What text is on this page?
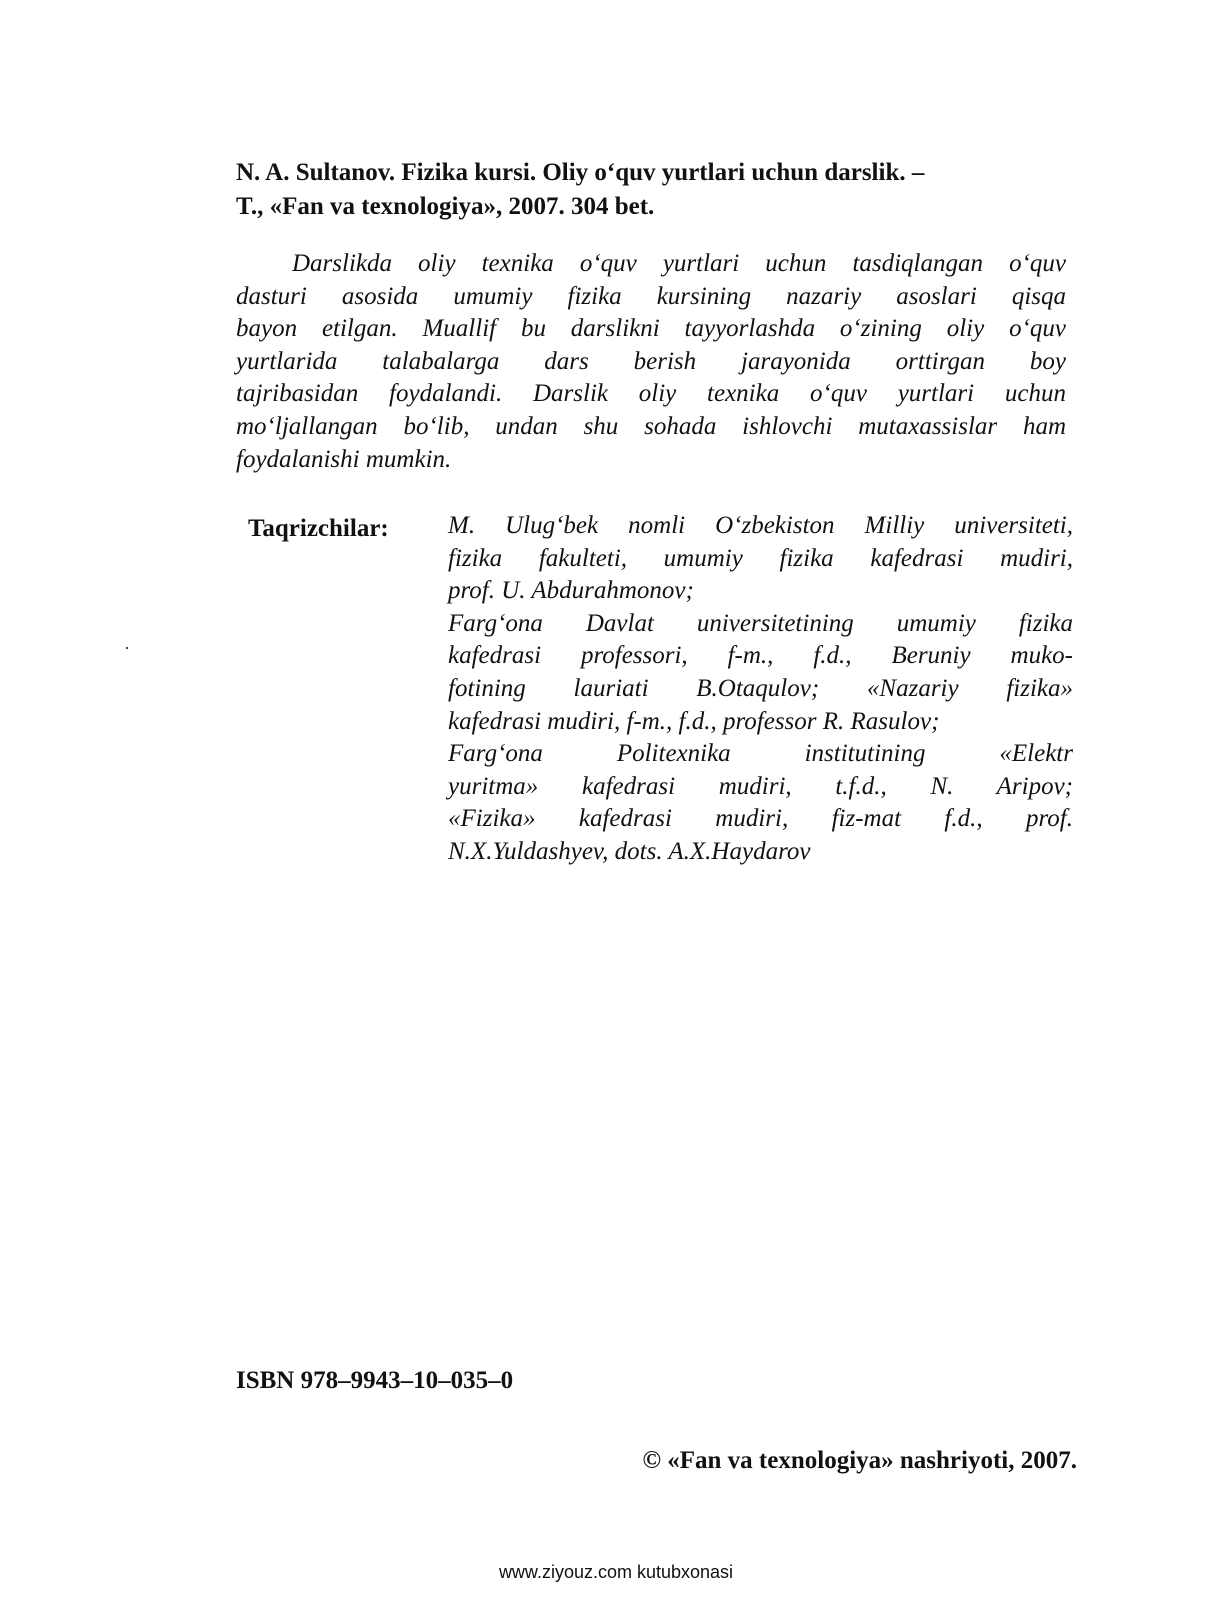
N. A. Sultanov. Fizika kursi. Oliy o‘quv yurtlari uchun darslik. –
T., «Fan va texnologiya», 2007. 304 bet.
Darslikda oliy texnika o‘quv yurtlari uchun tasdiqlangan o‘quv
dasturi asosida umumiy fizika kursining nazariy asoslari qisqa
bayon etilgan. Muallif bu darslikni tayyorlashda o‘zining oliy o‘quv
yurtlarida talabalarga dars berish jarayonida orttirgan boy
tajribasidan foydalandi. Darslik oliy texnika o‘quv yurtlari uchun
mo‘ljallangan bo‘lib, undan shu sohada ishlovchi mutaxassislar ham
foydalanishi mumkin.
Taqrizchilar: M. Ulug‘bek nomli O‘zbekiston Milliy universiteti,
fizika fakulteti, umumiy fizika kafedrasi mudiri,
prof. U. Abdurahmonov;
Farg‘ona Davlat universitetining umumiy fizika
kafedrasi professori, f-m., f.d., Beruniy muko-
fotining lauriati B.Otaqulov; «Nazariy fizika»
kafedrasi mudiri, f-m., f.d., professor R. Rasulov;
Farg‘ona Politexnika institutining «Elektr
yuritma» kafedrasi mudiri, t.f.d., N. Aripov;
«Fizika» kafedrasi mudiri, fiz-mat f.d., prof.
N.X.Yuldashyev, dots. A.X.Haydarov
ISBN 978–9943–10–035–0
© «Fan va texnologiya» nashriyoti, 2007.
www.ziyouz.com kutubxonasi
